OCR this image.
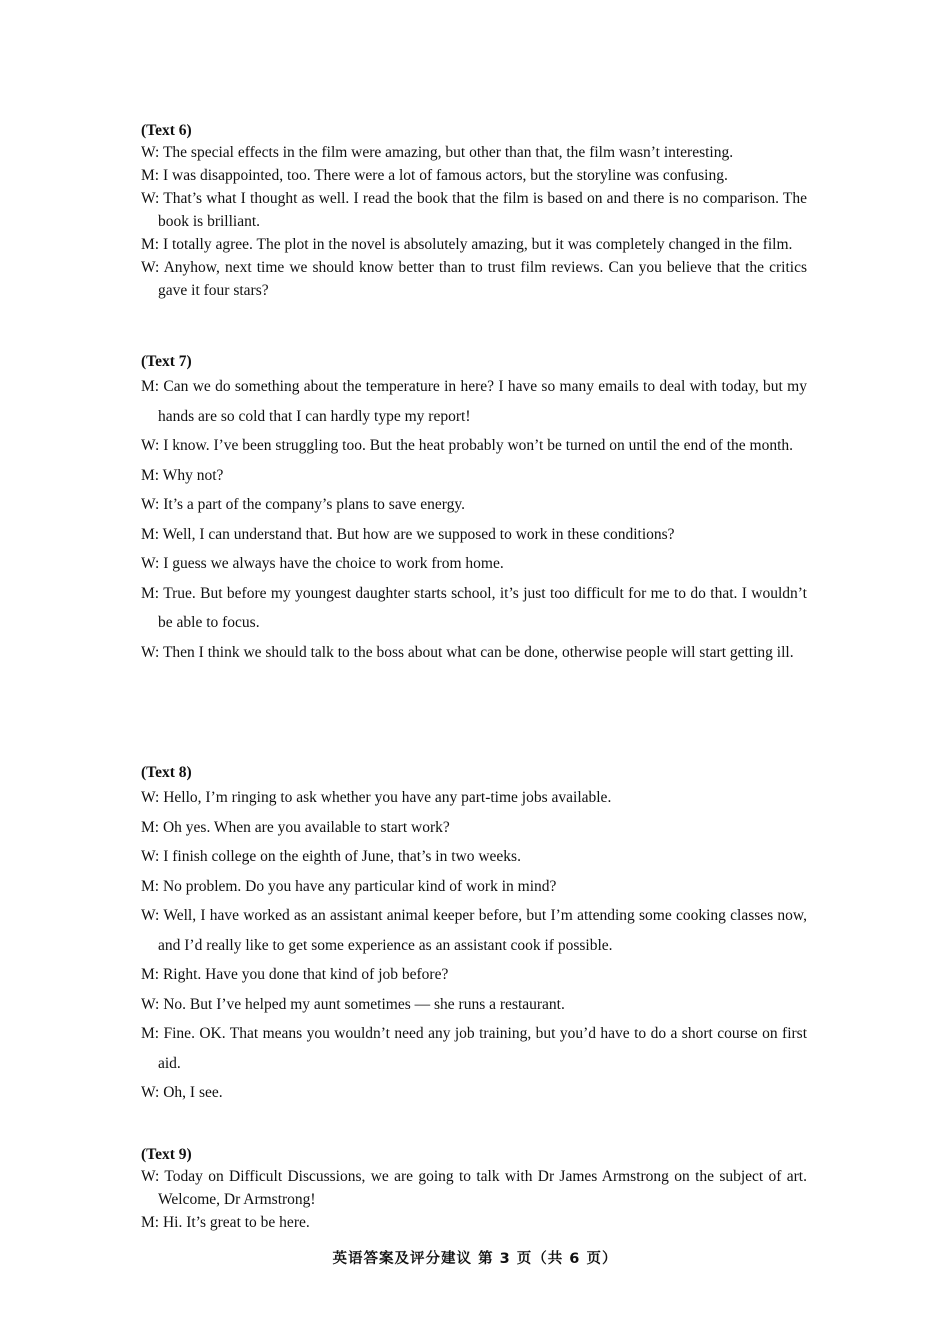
(Text 6)
W: The special effects in the film were amazing, but other than that, the film wasn’t interesting.
M: I was disappointed, too. There were a lot of famous actors, but the storyline was confusing.
W: That’s what I thought as well. I read the book that the film is based on and there is no comparison. The book is brilliant.
M: I totally agree. The plot in the novel is absolutely amazing, but it was completely changed in the film.
W: Anyhow, next time we should know better than to trust film reviews. Can you believe that the critics gave it four stars?
(Text 7)
M: Can we do something about the temperature in here? I have so many emails to deal with today, but my hands are so cold that I can hardly type my report!
W: I know. I’ve been struggling too. But the heat probably won’t be turned on until the end of the month.
M: Why not?
W: It’s a part of the company’s plans to save energy.
M: Well, I can understand that. But how are we supposed to work in these conditions?
W: I guess we always have the choice to work from home.
M: True. But before my youngest daughter starts school, it’s just too difficult for me to do that. I wouldn’t be able to focus.
W: Then I think we should talk to the boss about what can be done, otherwise people will start getting ill.
(Text 8)
W: Hello, I’m ringing to ask whether you have any part-time jobs available.
M: Oh yes. When are you available to start work?
W: I finish college on the eighth of June, that’s in two weeks.
M: No problem. Do you have any particular kind of work in mind?
W: Well, I have worked as an assistant animal keeper before, but I’m attending some cooking classes now, and I’d really like to get some experience as an assistant cook if possible.
M: Right. Have you done that kind of job before?
W: No. But I’ve helped my aunt sometimes — she runs a restaurant.
M: Fine. OK. That means you wouldn’t need any job training, but you’d have to do a short course on first aid.
W: Oh, I see.
(Text 9)
W: Today on Difficult Discussions, we are going to talk with Dr James Armstrong on the subject of art. Welcome, Dr Armstrong!
M: Hi. It’s great to be here.
英语答案及评分建议 第 3 页（共 6 页）
